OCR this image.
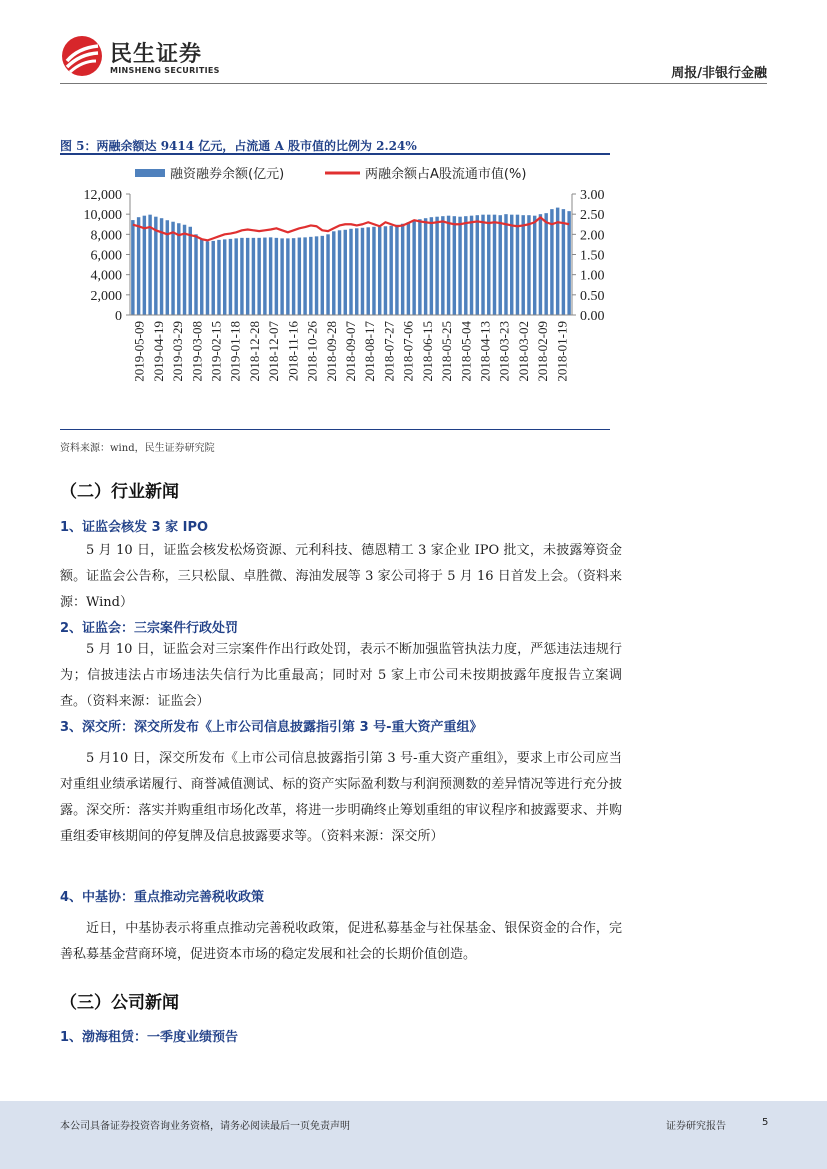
民生证券
MINSHENG SECURITIES	周报/非银行金融
图 5：两融余额达 9414 亿元，占流通 A 股市值的比例为 2.24%
融资融券余额(亿元)	两融余额占A股流通市值(%)
0
2,000
4,000
6,000
8,000
10,000
12,000
0.00
0.50
1.00
1.50
2.00
2.50
3.00
2019-05-09 2019-04-19 2019-03-29 2019-03-08 2019-02-15 2019-01-18 2018-12-28 2018-12-07 2018-11-16 2018-10-26 2018-09-28 2018-09-07 2018-08-17 2018-07-27 2018-07-06 2018-06-15 2018-05-25 2018-05-04 2018-04-13 2018-03-23 2018-03-02 2018-02-09 2018-01-19
资料来源：wind，民生证券研究院
（二）行业新闻
1、证监会核发 3 家 IPO

5 月 10 日，证监会核发松炀资源、元利科技、德恩精工 3 家企业 IPO 批文，未披露筹资金额。证监会公告称，三只松鼠、卓胜微、海油发展等 3 家公司将于 5 月 16 日首发上会。（资料来源：Wind）

2、证监会：三宗案件行政处罚

5 月 10 日，证监会对三宗案件作出行政处罚，表示不断加强监管执法力度，严惩违法违规行为；信披违法占市场违法失信行为比重最高；同时对 5 家上市公司未按期披露年度报告立案调查。（资料来源：证监会）

3、深交所：深交所发布《上市公司信息披露指引第 3 号-重大资产重组》

5 月10 日，深交所发布《上市公司信息披露指引第 3 号-重大资产重组》，要求上市公司应当对重组业绩承诺履行、商誉减值测试、标的资产实际盈利数与利润预测数的差异情况等进行充分披露。深交所：落实并购重组市场化改革，将进一步明确终止筹划重组的审议程序和披露要求、并购重组委审核期间的停复牌及信息披露要求等。（资料来源：深交所）

4、中基协：重点推动完善税收政策

近日，中基协表示将重点推动完善税收政策，促进私募基金与社保基金、银保资金的合作，完善私募基金营商环境，促进资本市场的稳定发展和社会的长期价值创造。

（三）公司新闻
1、渤海租赁：一季度业绩预告
本公司具备证券投资咨询业务资格，请务必阅读最后一页免责声明	证券研究报告	5
